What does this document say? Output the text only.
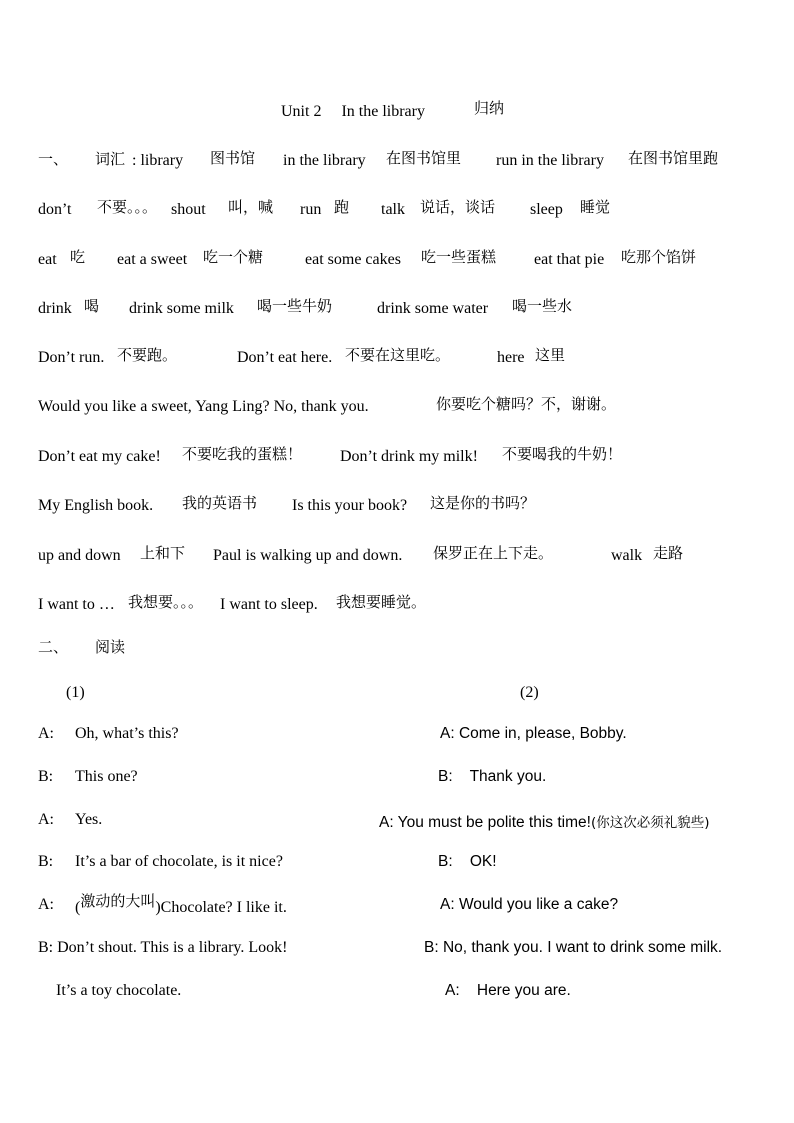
Unit 2 In the library	归纳
一、 词汇 : library 图书馆 in the library 在图书馆里 run in the library 在图书馆里跑
don’t 不要。。。 shout 叫，喊 run 跑 talk 说话，谈话 sleep 睡觉
eat 吃 eat a sweet 吃一个糖	eat some cakes 吃一些蛋糕 eat that pie 吃那个馅饼
drink 喝 drink some milk 喝一些牛奶	drink some water 喝一些水
Don’t run. 不要跑。	Don’t eat here. 不要在这里吃。	here 这里
Would you like a sweet, Yang Ling? No, thank you.	你要吃个糖吗？不，谢谢。
Don’t eat my cake! 不要吃我的蛋糕！ Don’t drink my milk! 不要喝我的牛奶！
My English book. 我的英语书 Is this your book? 这是你的书吗？
up and down 上和下 Paul is walking up and down. 保罗正在上下走。	walk 走路
I want to … 我想要。。。 I want to sleep. 我想要睡觉。
二、 阅读
(1)	(2)
A: Oh, what’s this?
B: This one?
A: Yes.
B: It’s a bar of chocolate, is it nice?
A: (激动的大叫)Chocolate? I like it.
B: Don’t shout. This is a library. Look!
It’s a toy chocolate.
A: Come in, please, Bobby.
B:    Thank you.
A: You must be polite this time!(你这次必须礼貌些)
B:    OK!
A: Would you like a cake?
B: No, thank you. I want to drink some milk.
A:    Here you are.
